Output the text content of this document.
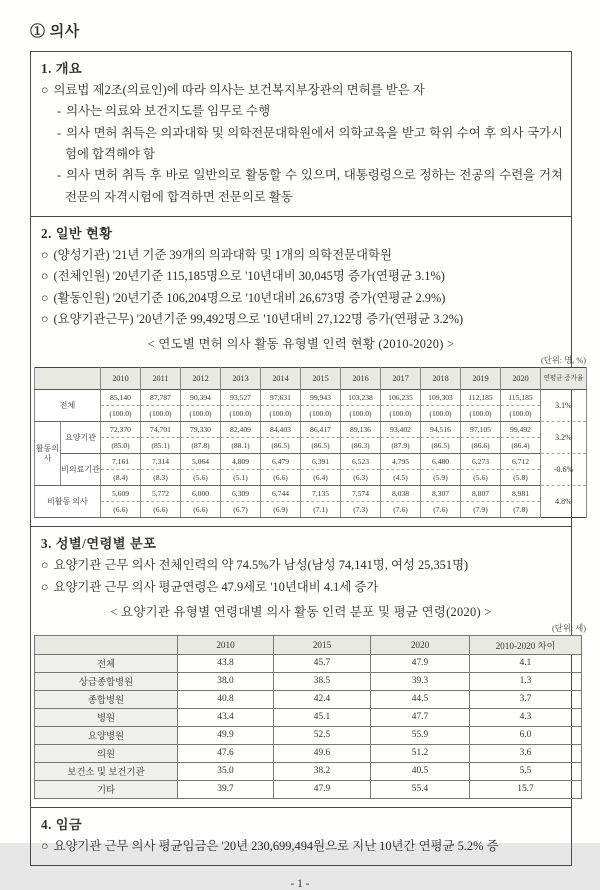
① 의사
1. 개요
○ 의료법 제2조(의료인)에 따라 의사는 보건복지부장관의 면허를 받은 자
- 의사는 의료와 보건지도를 임무로 수행
- 의사 면허 취득은 의과대학 및 의학전문대학원에서 의학교육을 받고 학위 수여 후 의사 국가시험에 합격해야 함
- 의사 면허 취득 후 바로 일반의로 활동할 수 있으며, 대통령령으로 정하는 전공의 수련을 거쳐 전문의 자격시험에 합격하면 전문의로 활동
2. 일반 현황
○ (양성기관) '21년 기준 39개의 의과대학 및 1개의 의학전문대학원
○ (전체인원) '20년기준 115,185명으로 '10년대비 30,045명 증가(연평균 3.1%)
○ (활동인원) '20년기준 106,204명으로 '10년대비 26,673명 증가(연평균 2.9%)
○ (요양기관근무) '20년기준 99,492명으로 '10년대비 27,122명 증가(연평균 3.2%)
< 연도별 면허 의사 활동 유형별 인력 현황 (2010-2020) >
(단위: 명, %)
		2010	2011	2012	2013	2014	2015	2016	2017	2018	2019	2020	연평균 증가율
전체		85,140	87,787	90,394	93,527	97,631	99,943	103,238	106,235	109,303	112,185	115,185	3.1%
		(100.0)	(100.0)	(100.0)	(100.0)	(100.0)	(100.0)	(100.0)	(100.0)	(100.0)	(100.0)	(100.0)	
활동의사	요양기관	72,370	74,701	79,330	82,409	84,403	86,417	89,136	93,402	94,516	97,105	99,492	3.2%
		(85.0)	(85.1)	(87.8)	(88.1)	(86.5)	(86.5)	(86.3)	(87.9)	(86.5)	(86.6)	(86.4)	
	비의료기관	7,161	7,314	5,064	4,809	6,479	6,391	6,523	4,795	6,480	6,273	6,712	-0.6%
		(8.4)	(8.3)	(5.6)	(5.1)	(6.6)	(6.4)	(6.3)	(4.5)	(5.9)	(5.6)	(5.8)	
비활동 의사		5,609	5,772	6,000	6,309	6,744	7,135	7,574	8,038	8,307	8,807	8,981	4.8%
		(6.6)	(6.6)	(6.6)	(6.7)	(6.9)	(7.1)	(7.3)	(7.6)	(7.6)	(7.9)	(7.8)	
3. 성별/연령별 분포
○ 요양기관 근무 의사 전체인력의 약 74.5%가 남성(남성 74,141명, 여성 25,351명)
○ 요양기관 근무 의사 평균연령은 47.9세로 '10년대비 4.1세 증가
< 요양기관 유형별 연령대별 의사 활동 인력 분포 및 평균 연령(2020) >
(단위: 세)
	2010	2015	2020	2010-2020 차이
전체	43.8	45.7	47.9	4.1
상급종합병원	38.0	38.5	39.3	1.3
종합병원	40.8	42.4	44.5	3.7
병원	43.4	45.1	47.7	4.3
요양병원	49.9	52.5	55.9	6.0
의원	47.6	49.6	51.2	3.6
보건소 및 보건기관	35.0	38.2	40.5	5.5
기타	39.7	47.9	55.4	15.7
4. 임금
○ 요양기관 근무 의사 평균임금은 '20년 230,699,494원으로 지난 10년간 연평균 5.2% 증
- 1 -
